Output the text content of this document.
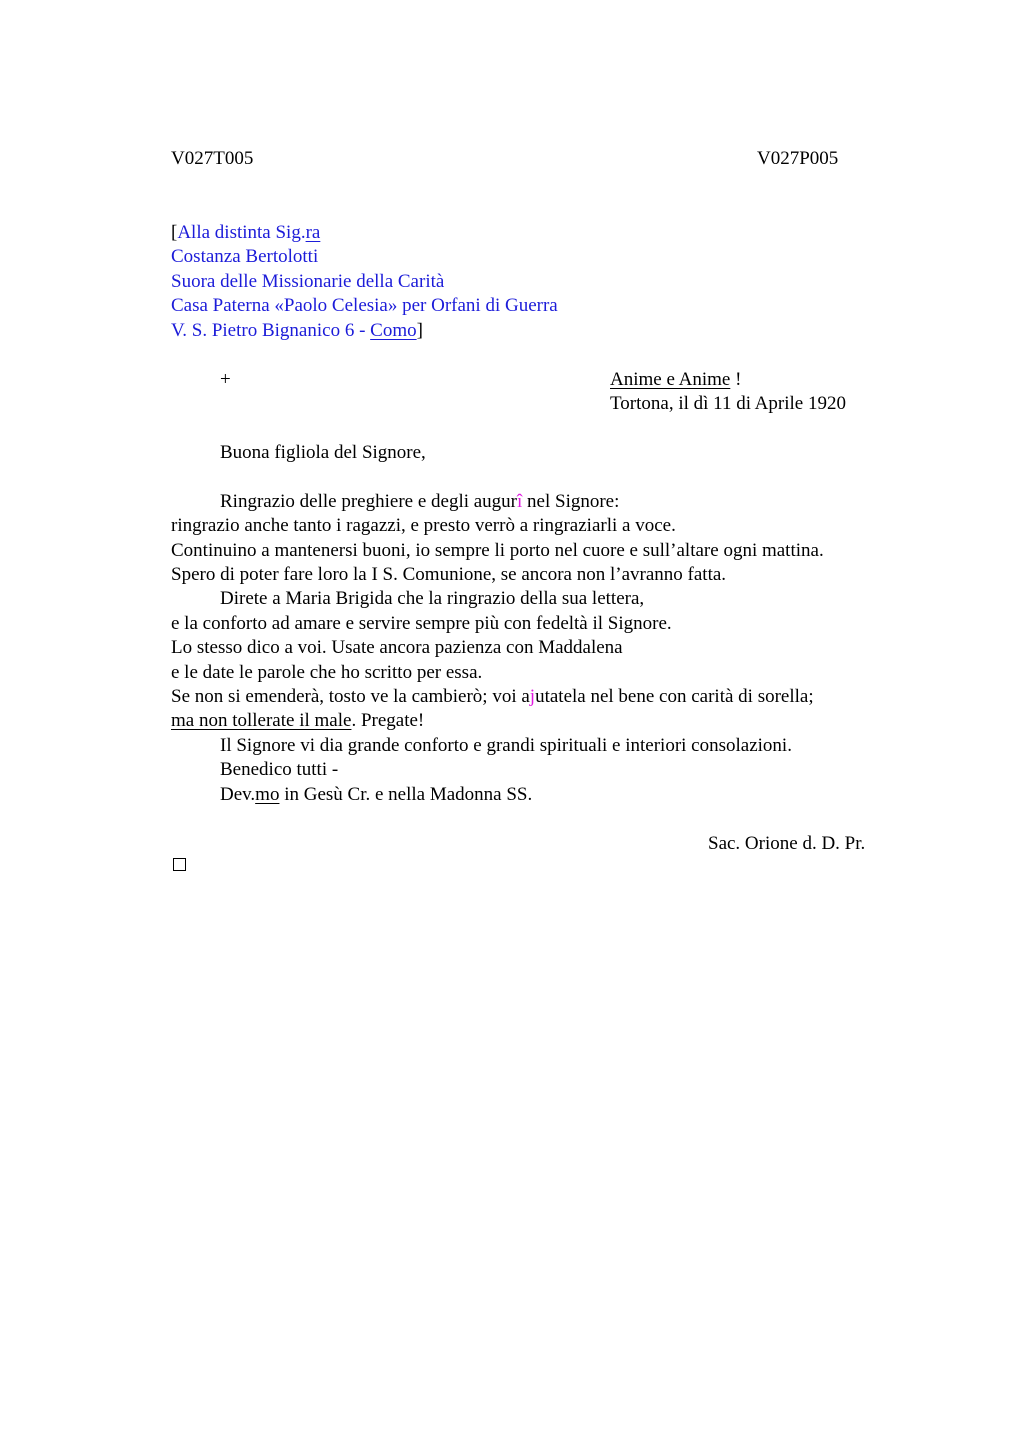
V027T005	V027P005
[Alla distinta Sig.ra
Costanza Bertolotti
Suora delle Missionarie della Carità
Casa Paterna «Paolo Celesia» per Orfani di Guerra
V. S. Pietro Bignanico 6 - Como]
+	Anime e Anime !
Tortona, il dì 11 di Aprile 1920
Buona figliola del Signore,
Ringrazio delle preghiere e degli augurî nel Signore:
ringrazio anche tanto i ragazzi, e presto verrò a ringraziarli a voce.
Continuino a mantenersi buoni, io sempre li porto nel cuore e sull’altare ogni mattina.
Spero di poter fare loro la I S. Comunione, se ancora non l’avranno fatta.
Direte a Maria Brigida che la ringrazio della sua lettera,
e la conforto ad amare e servire sempre più con fedeltà il Signore.
Lo stesso dico a voi. Usate ancora pazienza con Maddalena
e le date le parole che ho scritto per essa.
Se non si emenderà, tosto ve la cambierò; voi ajutatela nel bene con carità di sorella;
ma non tollerate il male. Pregate!
Il Signore vi dia grande conforto e grandi spirituali e interiori consolazioni.
Benedico tutti -
Dev.mo in Gesù Cr. e nella Madonna SS.
Sac. Orione d. D. Pr.
